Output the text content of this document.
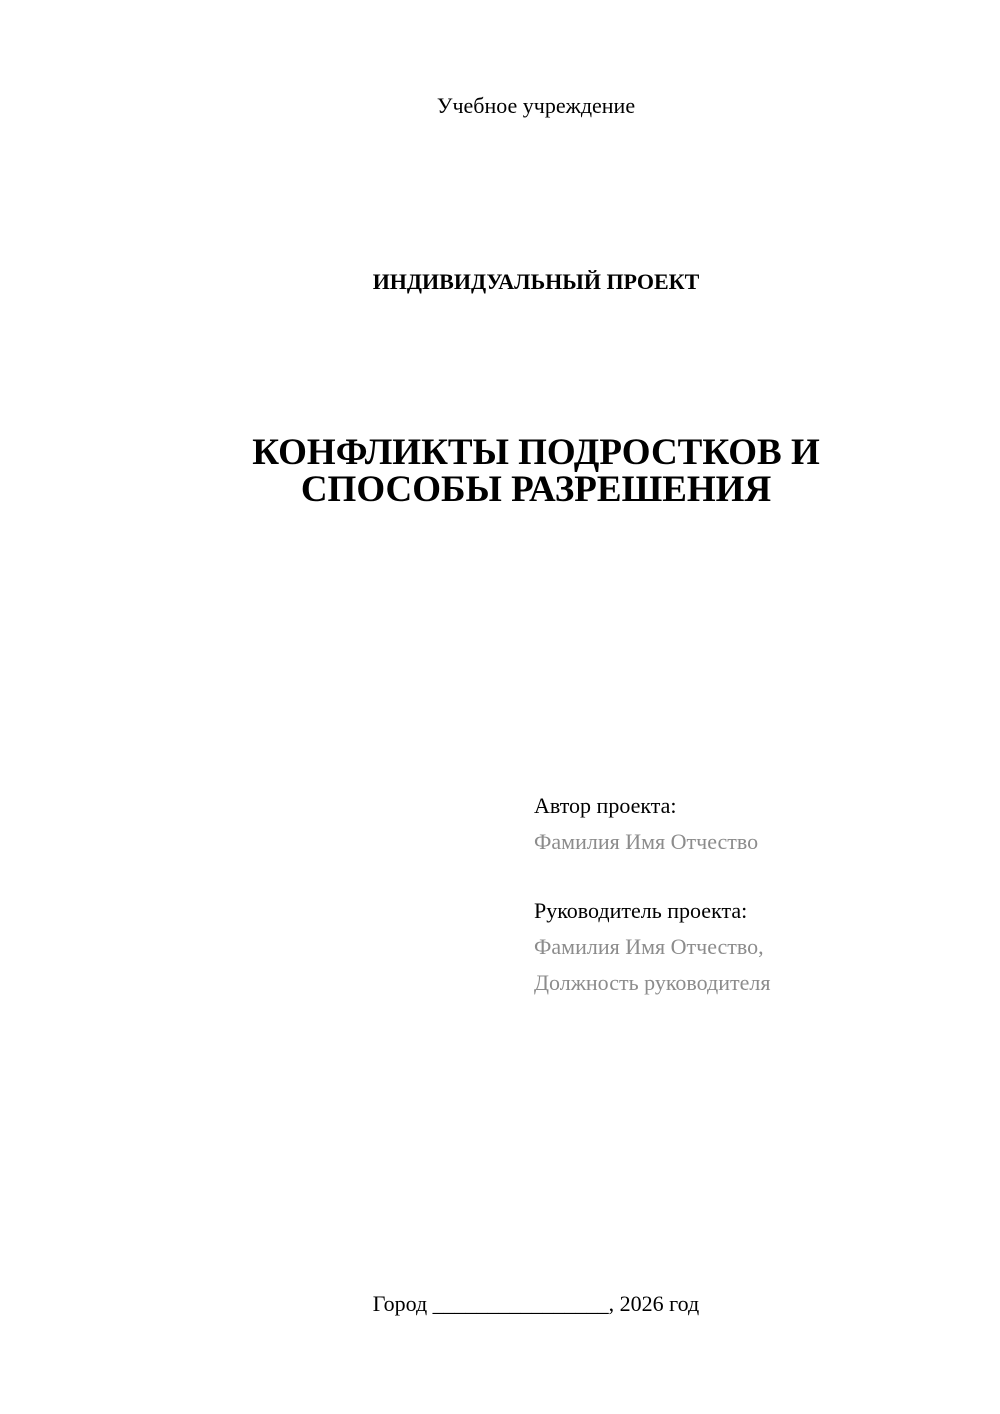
Учебное учреждение
ИНДИВИДУАЛЬНЫЙ ПРОЕКТ
КОНФЛИКТЫ ПОДРОСТКОВ И
СПОСОБЫ РАЗРЕШЕНИЯ
Автор проекта:
Фамилия Имя Отчество
Руководитель проекта:
Фамилия Имя Отчество,
Должность руководителя
Город ________________, 2026 год
